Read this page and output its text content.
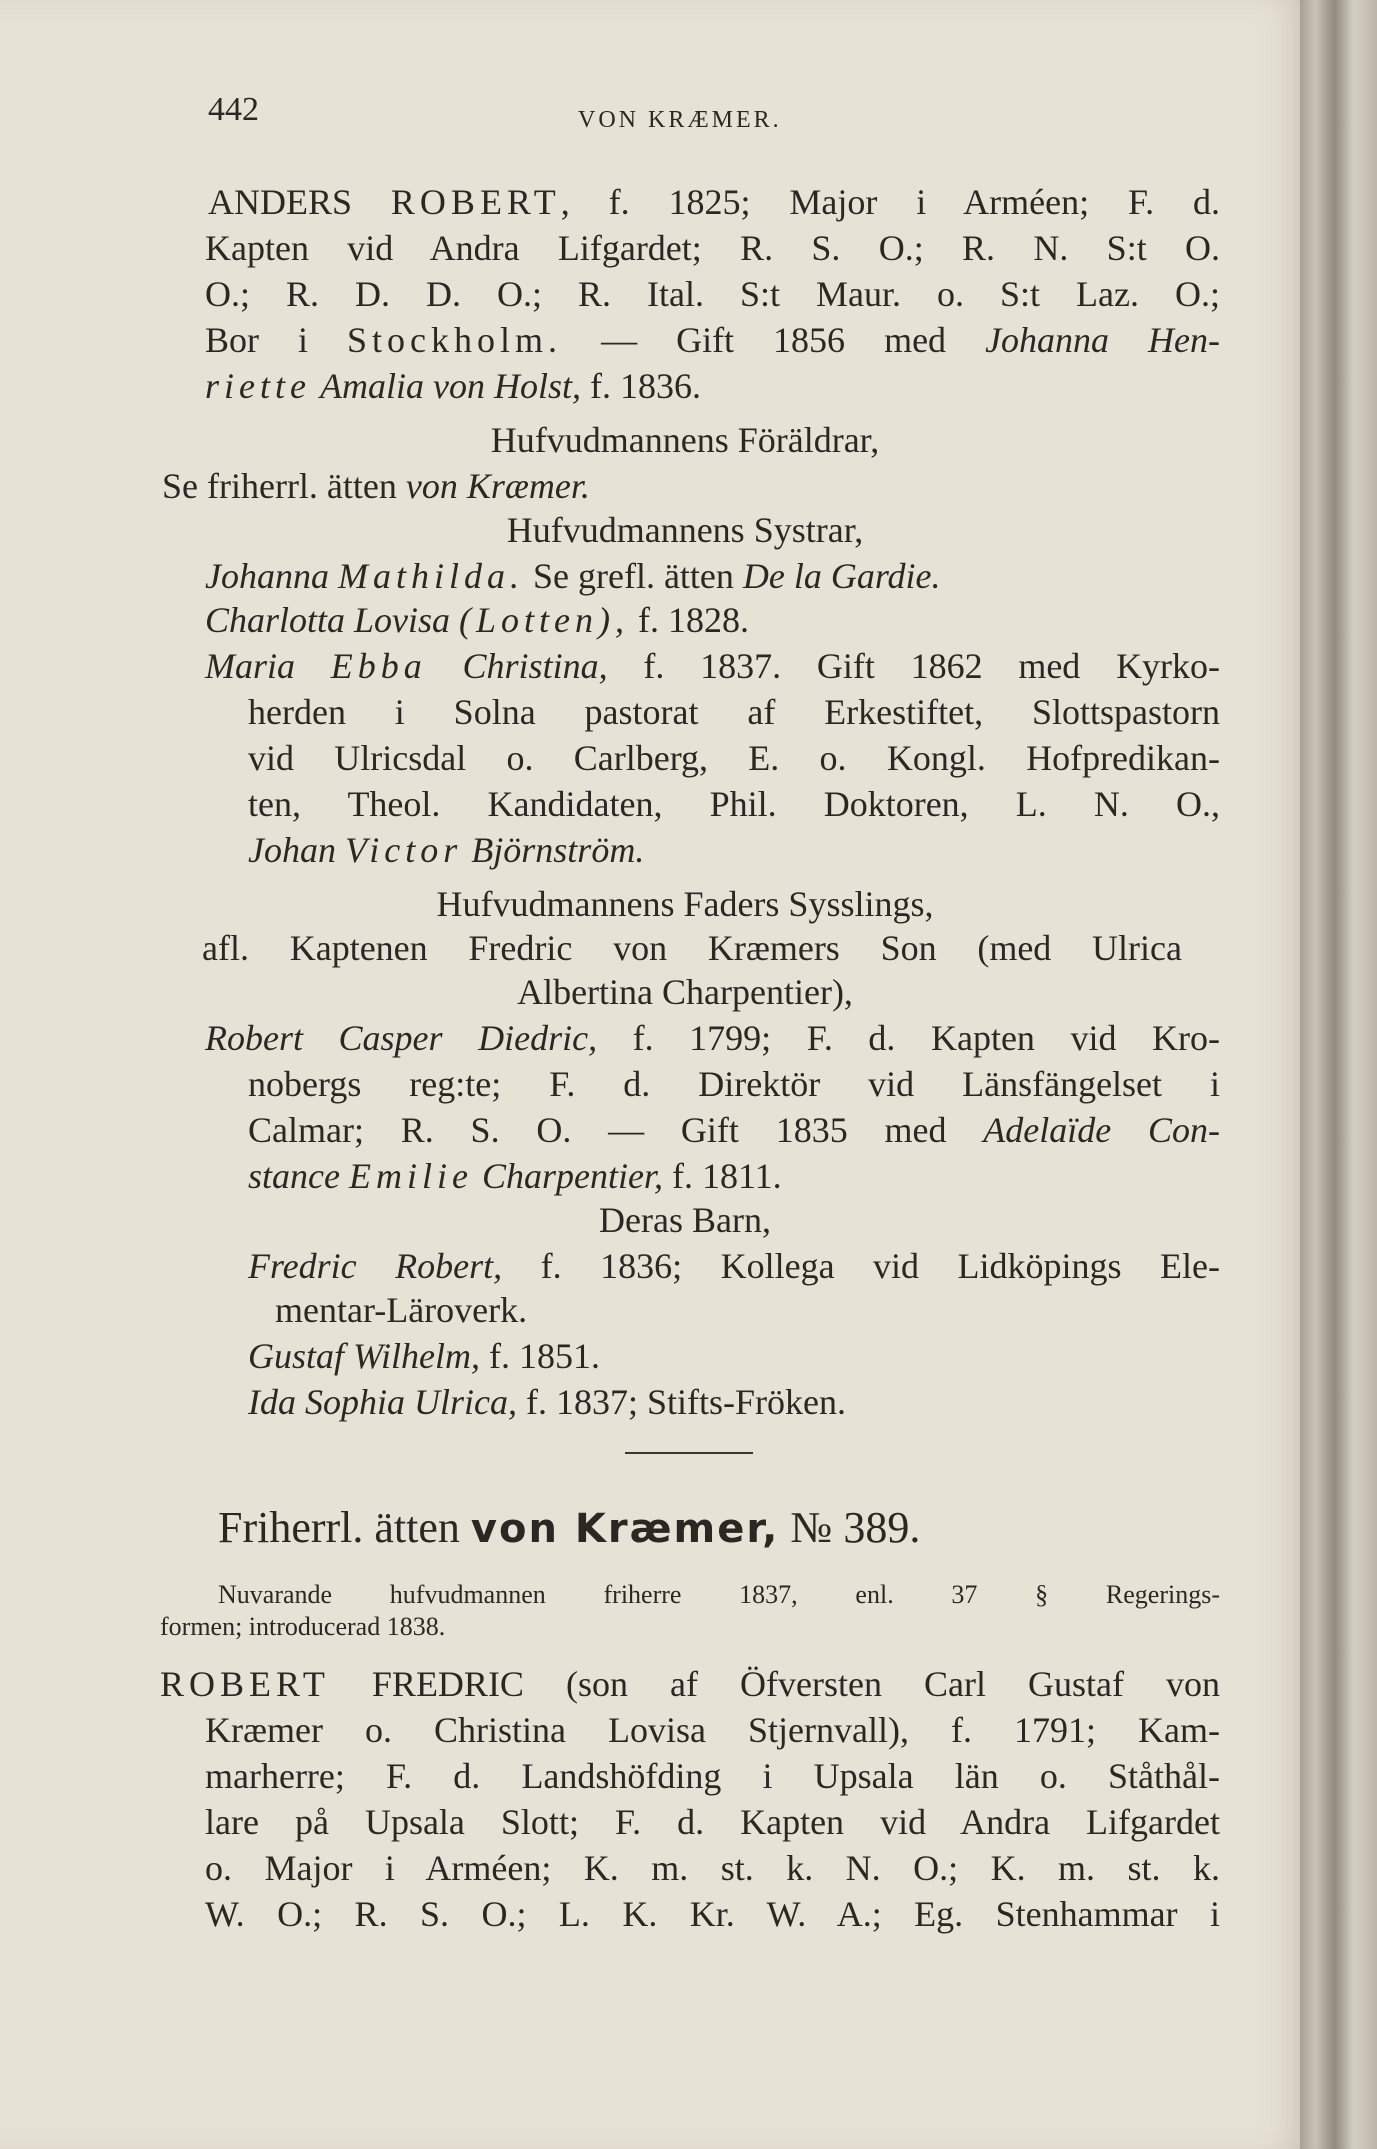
442	VON KRÆMER.
ANDERS ROBERT, f. 1825; Major i Arméen; F. d.
Kapten vid Andra Lifgardet; R. S. O.; R. N. S:t O.
O.; R. D. D. O.; R. Ital. S:t Maur. o. S:t Laz. O.;
Bor i Stockholm. — Gift 1856 med Johanna Hen-
riette Amalia von Holst, f. 1836.
Hufvudmannens Föräldrar,
Se friherrl. ätten von Kræmer.
Hufvudmannens Systrar,
Johanna Mathilda. Se grefl. ätten De la Gardie.
Charlotta Lovisa (Lotten), f. 1828.
Maria Ebba Christina, f. 1837. Gift 1862 med Kyrko-
herden i Solna pastorat af Erkestiftet, Slottspastorn
vid Ulricsdal o. Carlberg, E. o. Kongl. Hofpredikan-
ten, Theol. Kandidaten, Phil. Doktoren, L. N. O.,
Johan Victor Björnström.
Hufvudmannens Faders Sysslings,
afl. Kaptenen Fredric von Kræmers Son (med Ulrica
Albertina Charpentier),
Robert Casper Diedric, f. 1799; F. d. Kapten vid Kro-
nobergs reg:te; F. d. Direktör vid Länsfängelset i
Calmar; R. S. O. — Gift 1835 med Adelaïde Con-
stance Emilie Charpentier, f. 1811.
Deras Barn,
Fredric Robert, f. 1836; Kollega vid Lidköpings Ele-
mentar-Läroverk.
Gustaf Wilhelm, f. 1851.
Ida Sophia Ulrica, f. 1837; Stifts-Fröken.
Friherrl. ätten von Kræmer, № 389.
Nuvarande hufvudmannen friherre 1837, enl. 37 § Regerings-
formen; introducerad 1838.
ROBERT FREDRIC (son af Öfversten Carl Gustaf von
Kræmer o. Christina Lovisa Stjernvall), f. 1791; Kam-
marherre; F. d. Landshöfding i Upsala län o. Ståthål-
lare på Upsala Slott; F. d. Kapten vid Andra Lifgardet
o. Major i Arméen; K. m. st. k. N. O.; K. m. st. k.
W. O.; R. S. O.; L. K. Kr. W. A.; Eg. Stenhammar i
